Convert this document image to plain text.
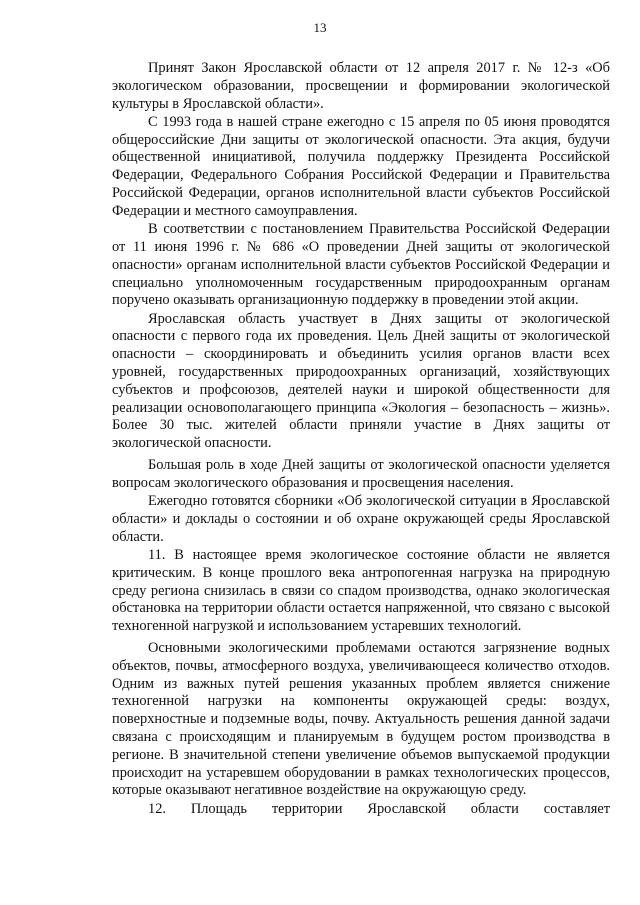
13

Принят Закон Ярославской области от 12 апреля 2017 г. № 12-з «Об экологическом образовании, просвещении и формировании экологической культуры в Ярославской области».

С 1993 года в нашей стране ежегодно с 15 апреля по 05 июня проводятся общероссийские Дни защиты от экологической опасности. Эта акция, будучи общественной инициативой, получила поддержку Президента Российской Федерации, Федерального Собрания Российской Федерации и Правительства Российской Федерации, органов исполнительной власти субъектов Российской Федерации и местного самоуправления.

В соответствии с постановлением Правительства Российской Федерации от 11 июня 1996 г. № 686 «О проведении Дней защиты от экологической опасности» органам исполнительной власти субъектов Российской Федерации и специально уполномоченным государственным природоохранным органам поручено оказывать организационную поддержку в проведении этой акции.

Ярославская область участвует в Днях защиты от экологической опасности с первого года их проведения. Цель Дней защиты от экологической опасности – скоординировать и объединить усилия органов власти всех уровней, государственных природоохранных организаций, хозяйствующих субъектов и профсоюзов, деятелей науки и широкой общественности для реализации основополагающего принципа «Экология – безопасность – жизнь». Более 30 тыс. жителей области приняли участие в Днях защиты от экологической опасности.

Большая роль в ходе Дней защиты от экологической опасности уделяется вопросам экологического образования и просвещения населения.

Ежегодно готовятся сборники «Об экологической ситуации в Ярославской области» и доклады о состоянии и об охране окружающей среды Ярославской области.

11. В настоящее время экологическое состояние области не является критическим. В конце прошлого века антропогенная нагрузка на природную среду региона снизилась в связи со спадом производства, однако экологическая обстановка на территории области остается напряженной, что связано с высокой техногенной нагрузкой и использованием устаревших технологий.

Основными экологическими проблемами остаются загрязнение водных объектов, почвы, атмосферного воздуха, увеличивающееся количество отходов. Одним из важных путей решения указанных проблем является снижение техногенной нагрузки на компоненты окружающей среды: воздух, поверхностные и подземные воды, почву. Актуальность решения данной задачи связана с происходящим и планируемым в будущем ростом производства в регионе. В значительной степени увеличение объемов выпускаемой продукции происходит на устаревшем оборудовании в рамках технологических процессов, которые оказывают негативное воздействие на окружающую среду.

12. Площадь территории Ярославской области составляет
